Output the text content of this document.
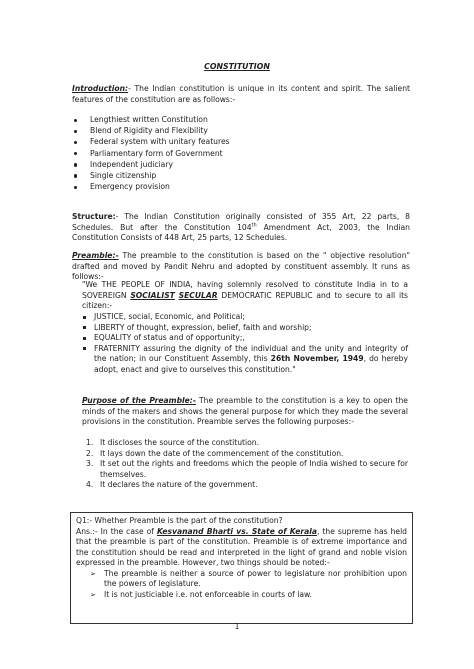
CONSTITUTION
Introduction:- The Indian constitution is unique in its content and spirit. The salient features of the constitution are as follows:-
Lengthiest written Constitution
Blend of Rigidity and Flexibility
Federal system with unitary features
Parliamentary form of Government
Independent judiciary
Single citizenship
Emergency provision
Structure:- The Indian Constitution originally consisted of 355 Art, 22 parts, 8 Schedules. But after the Constitution 104th Amendment Act, 2003, the Indian Constitution Consists of 448 Art, 25 parts, 12 Schedules.
Preamble:- The preamble to the constitution is based on the " objective resolution" drafted and moved by Pandit Nehru and adopted by constituent assembly. It runs as follows:-
"We THE PEOPLE OF INDIA, having solemnly resolved to constitute India in to a SOVEREIGN SOCIALIST SECULAR DEMOCRATIC REPUBLIC and to secure to all its citizen:-
JUSTICE, social, Economic, and Political;
LIBERTY of thought, expression, belief, faith and worship;
EQUALITY of status and of opportunity;,
FRATERNITY assuring the dignity of the individual and the unity and integrity of the nation; in our Constituent Assembly, this 26th November, 1949, do hereby adopt, enact and give to ourselves this constitution."
Purpose of the Preamble:- The preamble to the constitution is a key to open the minds of the makers and shows the general purpose for which they made the several provisions in the constitution. Preamble serves the following purposes:-
1. It discloses the source of the constitution.
2. It lays down the date of the commencement of the constitution.
3. It set out the rights and freedoms which the people of India wished to secure for themselves.
4. It declares the nature of the government.
Q1:- Whether Preamble is the part of the constitution?
Ans.:- In the case of Kesvanand Bharti vs. State of Kerala, the supreme has held that the preamble is part of the constitution. Preamble is of extreme importance and the constitution should be read and interpreted in the light of grand and noble vision expressed in the preamble. However, two things should be noted:-
➢ The preamble is neither a source of power to legislature nor prohibition upon the powers of legislature.
➢ It is not justiciable i.e. not enforceable in courts of law.
1
